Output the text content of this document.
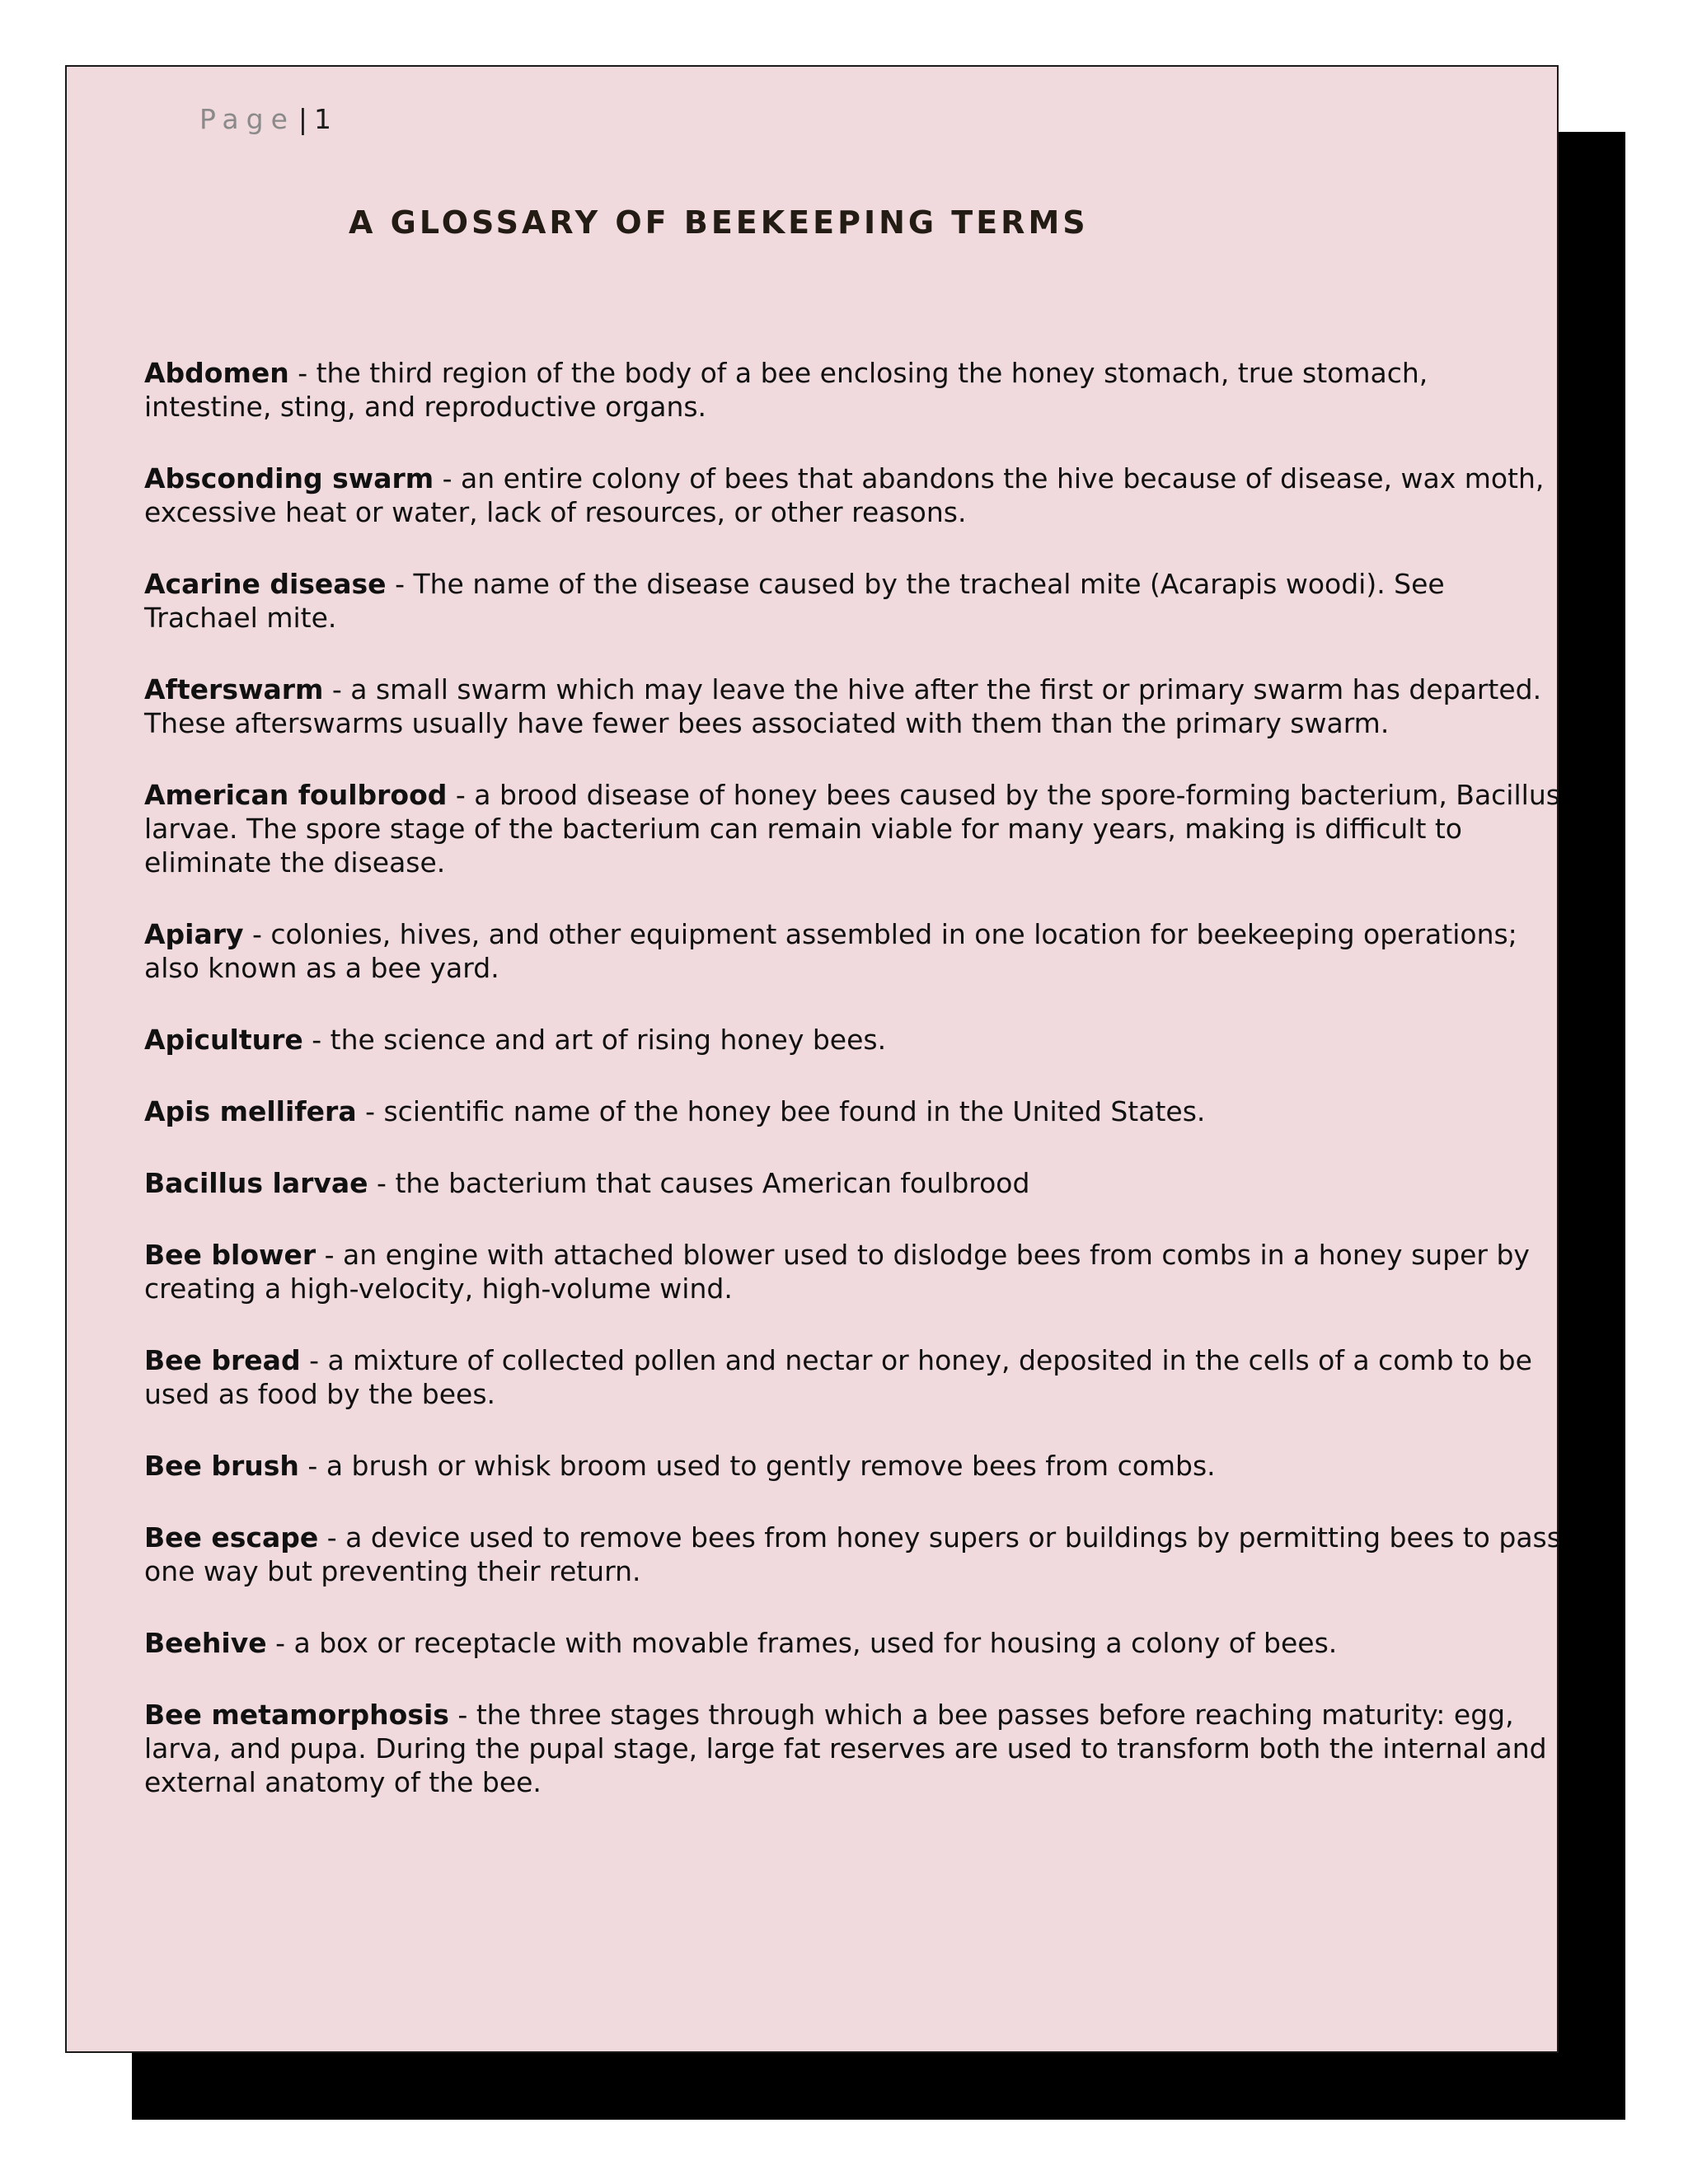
Page | 1
A GLOSSARY OF BEEKEEPING TERMS

Abdomen - the third region of the body of a bee enclosing the honey stomach, true stomach, intestine, sting, and reproductive organs.

Absconding swarm - an entire colony of bees that abandons the hive because of disease, wax moth, excessive heat or water, lack of resources, or other reasons.

Acarine disease - The name of the disease caused by the tracheal mite (Acarapis woodi). See Trachael mite.

Afterswarm - a small swarm which may leave the hive after the first or primary swarm has departed. These afterswarms usually have fewer bees associated with them than the primary swarm.

American foulbrood - a brood disease of honey bees caused by the spore-forming bacterium, Bacillus larvae. The spore stage of the bacterium can remain viable for many years, making is difficult to eliminate the disease.

Apiary - colonies, hives, and other equipment assembled in one location for beekeeping operations; also known as a bee yard.

Apiculture - the science and art of rising honey bees.

Apis mellifera - scientific name of the honey bee found in the United States.

Bacillus larvae - the bacterium that causes American foulbrood

Bee blower - an engine with attached blower used to dislodge bees from combs in a honey super by creating a high-velocity, high-volume wind.

Bee bread - a mixture of collected pollen and nectar or honey, deposited in the cells of a comb to be used as food by the bees.

Bee brush - a brush or whisk broom used to gently remove bees from combs.

Bee escape - a device used to remove bees from honey supers or buildings by permitting bees to pass one way but preventing their return.

Beehive - a box or receptacle with movable frames, used for housing a colony of bees.

Bee metamorphosis - the three stages through which a bee passes before reaching maturity: egg, larva, and pupa. During the pupal stage, large fat reserves are used to transform both the internal and external anatomy of the bee.
